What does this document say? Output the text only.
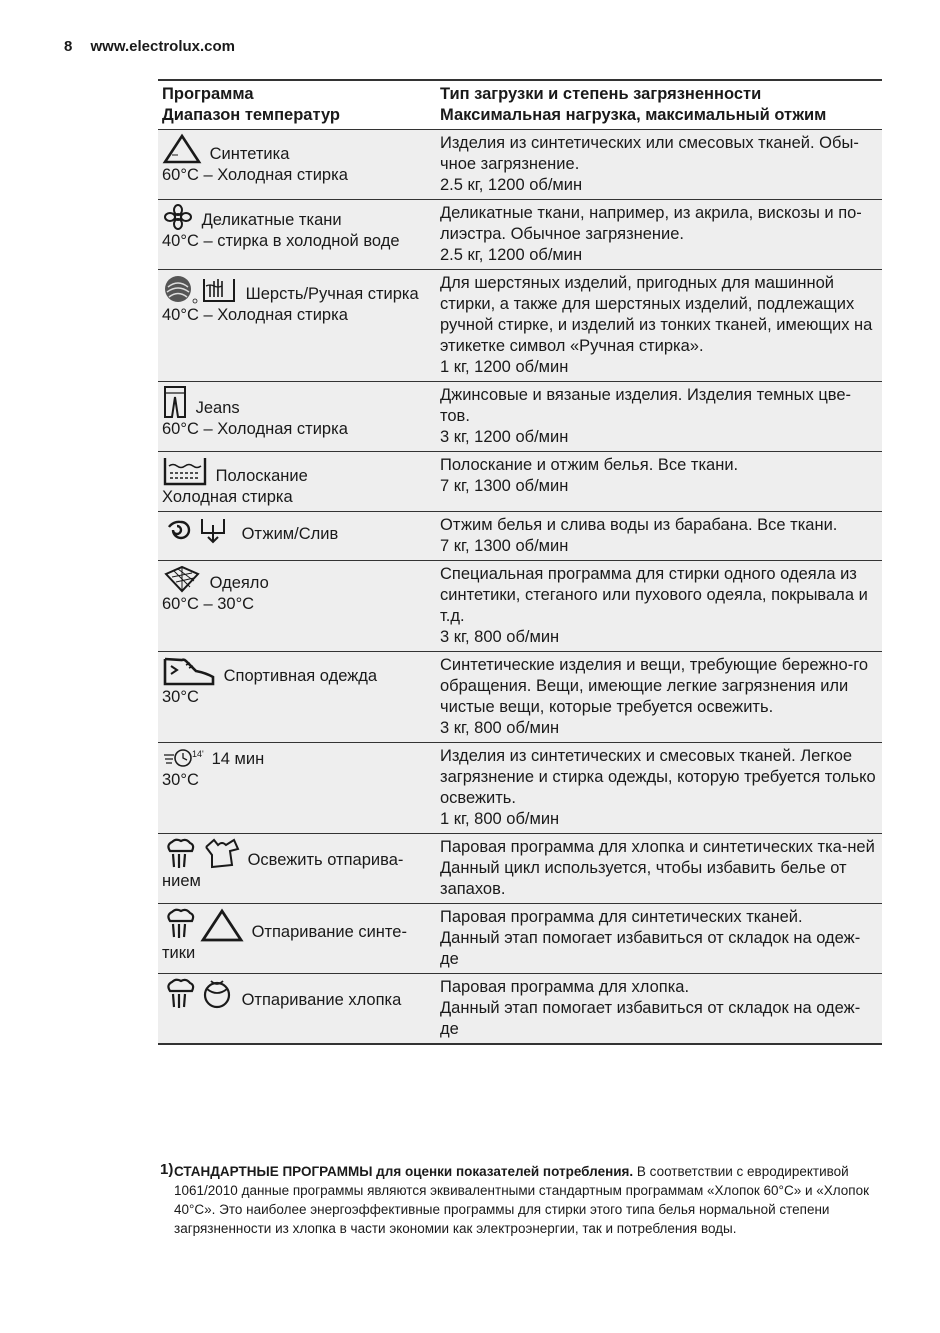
8 www.electrolux.com
Программа
Диапазон температур	Тип загрузки и степень загрязненности
Максимальная нагрузка, максимальный отжим

Синтетика
60°C – Холодная стирка	Изделия из синтетических или смесовых тканей. Обы-чное загрязнение.
2.5 кг, 1200 об/мин

Деликатные ткани
40°C – стирка в холодной воде	Деликатные ткани, например, из акрила, вискозы и по-лиэстра. Обычное загрязнение.
2.5 кг, 1200 об/мин

Шерсть/Ручная стирка
40°C – Холодная стирка	Для шерстяных изделий, пригодных для машинной стирки, а также для шерстяных изделий, подлежащих ручной стирке, и изделий из тонких тканей, имеющих на этикетке символ «Ручная стирка».
1 кг, 1200 об/мин

Jeans
60°C – Холодная стирка	Джинсовые и вязаные изделия. Изделия темных цве-тов.
3 кг, 1200 об/мин

Полоскание
Холодная стирка	Полоскание и отжим белья. Все ткани.
7 кг, 1300 об/мин

Отжим/Слив	Отжим белья и слива воды из барабана. Все ткани.
7 кг, 1300 об/мин

Одеяло
60°C – 30°C	Специальная программа для стирки одного одеяла из синтетики, стеганого или пухового одеяла, покрывала и т.д.
3 кг, 800 об/мин

Спортивная одежда
30°C	Синтетические изделия и вещи, требующие бережно-го обращения. Вещи, имеющие легкие загрязнения или чистые вещи, которые требуется освежить.
3 кг, 800 об/мин

14' 14 мин
30°C	Изделия из синтетических и смесовых тканей. Легкое загрязнение и стирка одежды, которую требуется только освежить.
1 кг, 800 об/мин

Освежить отпарива-нием	Паровая программа для хлопка и синтетических тка-ней
Данный цикл используется, чтобы избавить белье от запахов.

Отпаривание синте-тики	Паровая программа для синтетических тканей.
Данный этап помогает избавиться от складок на одеж-де

Отпаривание хлопка	Паровая программа для хлопка.
Данный этап помогает избавиться от складок на одеж-де
1) СТАНДАРТНЫЕ ПРОГРАММЫ для оценки показателей потребления. В соответствии с евродирективой 1061/2010 данные программы являются эквивалентными стандартным программам «Хлопок 60°C» и «Хлопок 40°C». Это наиболее энергоэффективные программы для стирки этого типа белья нормальной степени загрязненности из хлопка в части экономии как электроэнергии, так и потребления воды.
